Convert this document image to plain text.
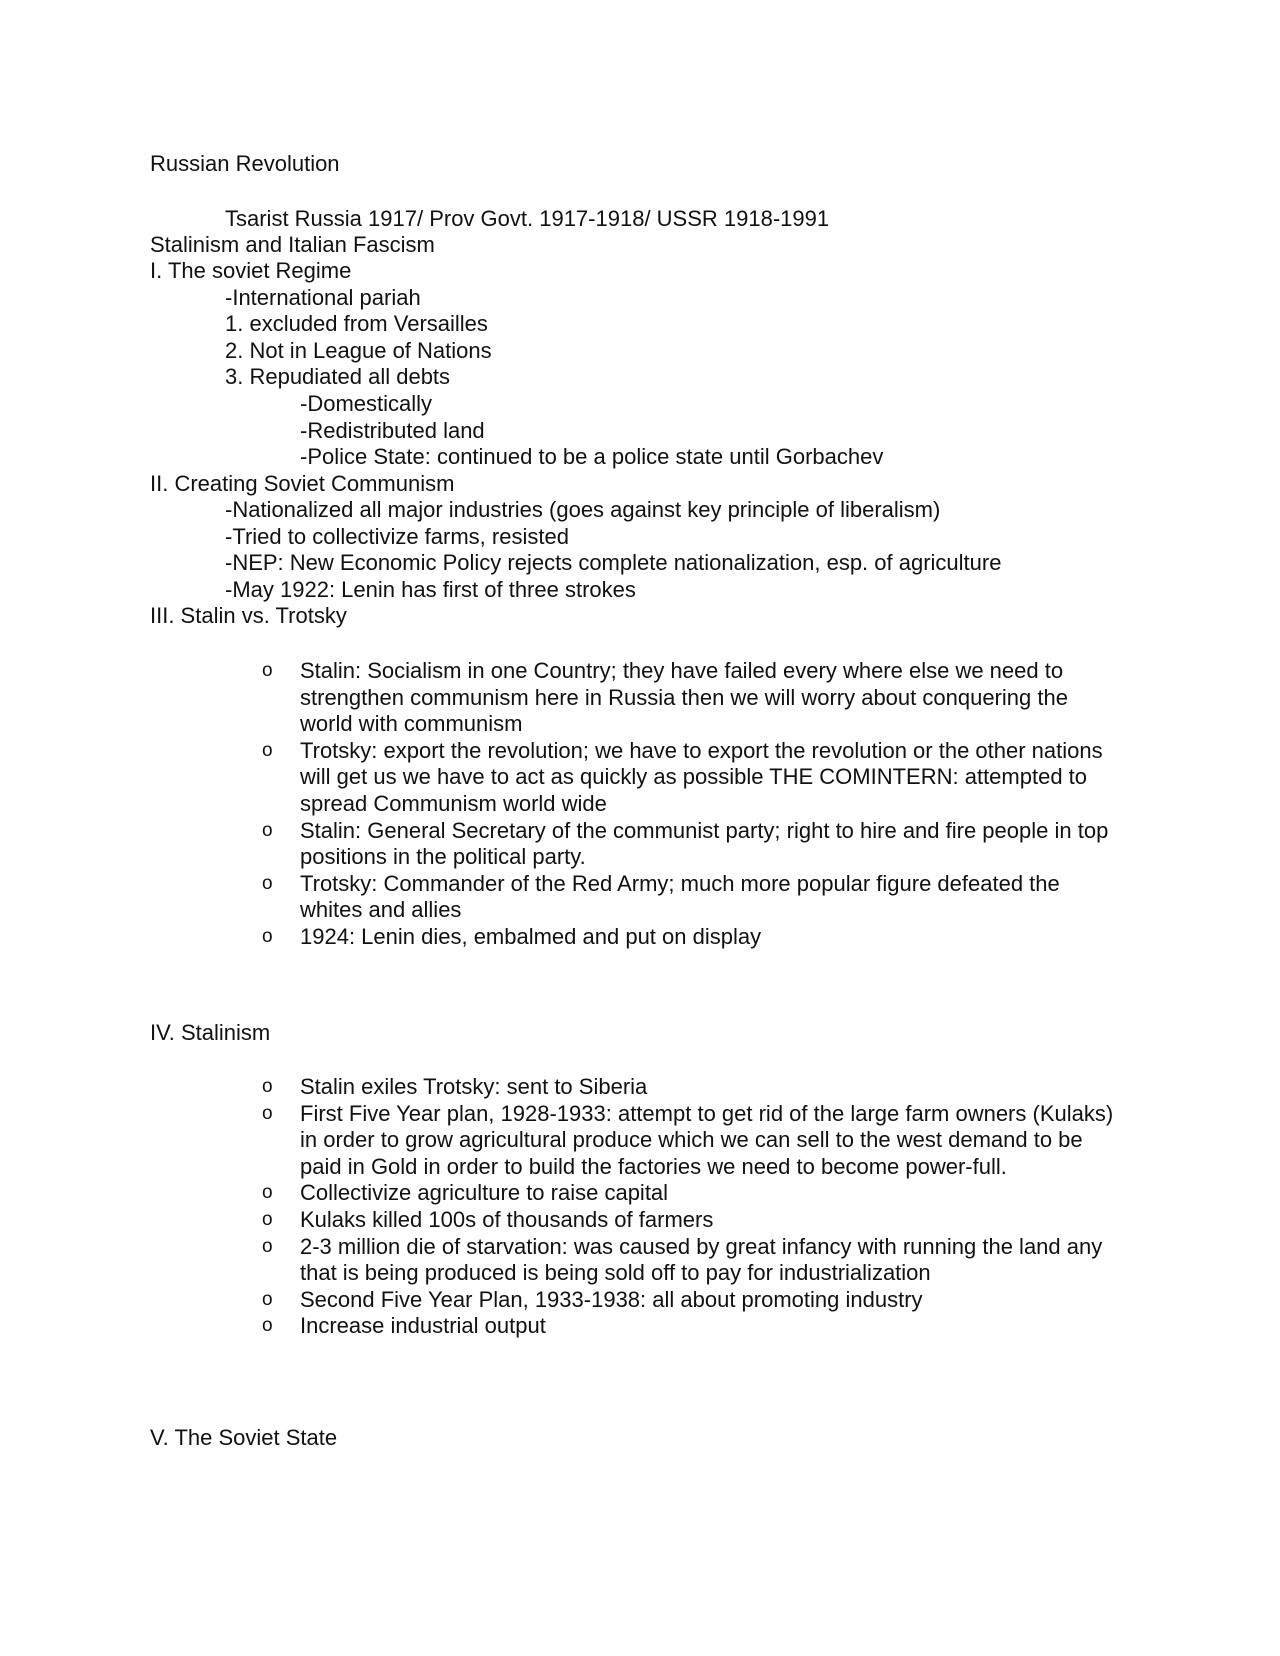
Russian Revolution
Tsarist Russia 1917/ Prov Govt. 1917-1918/ USSR 1918-1991
Stalinism and Italian Fascism
I. The soviet Regime
-International pariah
1. excluded from Versailles
2. Not in League of Nations
3. Repudiated all debts
-Domestically
-Redistributed land
-Police State: continued to be a police state until Gorbachev
II. Creating Soviet Communism
-Nationalized all major industries (goes against key principle of liberalism)
-Tried to collectivize farms, resisted
-NEP: New Economic Policy rejects complete nationalization, esp. of agriculture
-May 1922: Lenin has first of three strokes
III. Stalin vs. Trotsky
o Stalin: Socialism in one Country; they have failed every where else we need to strengthen communism here in Russia then we will worry about conquering the world with communism
o Trotsky: export the revolution; we have to export the revolution or the other nations will get us we have to act as quickly as possible THE COMINTERN: attempted to spread Communism world wide
o Stalin: General Secretary of the communist party; right to hire and fire people in top positions in the political party.
o Trotsky: Commander of the Red Army; much more popular figure defeated the whites and allies
o 1924: Lenin dies, embalmed and put on display
IV. Stalinism
o Stalin exiles Trotsky: sent to Siberia
o First Five Year plan, 1928-1933: attempt to get rid of the large farm owners (Kulaks) in order to grow agricultural produce which we can sell to the west demand to be paid in Gold in order to build the factories we need to become power-full.
o Collectivize agriculture to raise capital
o Kulaks killed 100s of thousands of farmers
o 2-3 million die of starvation: was caused by great infancy with running the land any that is being produced is being sold off to pay for industrialization
o Second Five Year Plan, 1933-1938: all about promoting industry
o Increase industrial output
V. The Soviet State
